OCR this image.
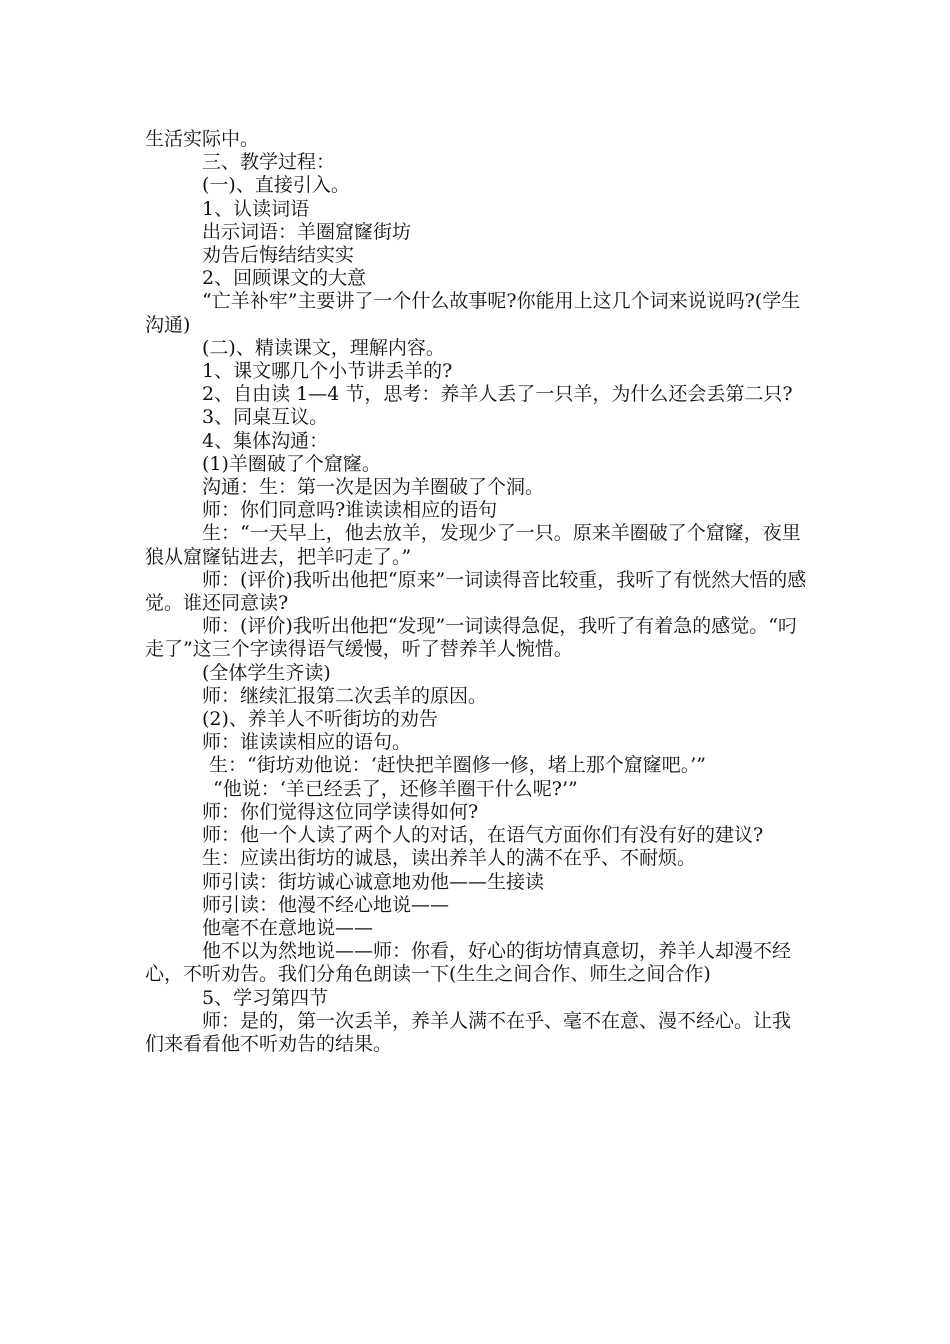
生活实际中。

三、教学过程：

(一)、直接引入。

1、认读词语

出示词语：羊圈窟窿街坊

劝告后悔结结实实

2、回顾课文的大意

“亡羊补牢”主要讲了一个什么故事呢?你能用上这几个词来说说吗?(学生沟通)

(二)、精读课文，理解内容。

1、课文哪几个小节讲丢羊的?

2、自由读 1—4 节，思考：养羊人丢了一只羊，为什么还会丢第二只?

3、同桌互议。

4、集体沟通：

(1)羊圈破了个窟窿。

沟通：生：第一次是因为羊圈破了个洞。

师：你们同意吗?谁读读相应的语句

生：“一天早上，他去放羊，发现少了一只。原来羊圈破了个窟窿，夜里狼从窟窿钻进去，把羊叼走了。”

师：(评价)我听出他把“原来”一词读得音比较重，我听了有恍然大悟的感觉。谁还同意读?

师：(评价)我听出他把“发现”一词读得急促，我听了有着急的感觉。“叼走了”这三个字读得语气缓慢，听了替养羊人惋惜。

(全体学生齐读)

师：继续汇报第二次丢羊的原因。

(2)、养羊人不听街坊的劝告

师：谁读读相应的语句。

生：“街坊劝他说：‘赶快把羊圈修一修，堵上那个窟窿吧。’”

“他说：‘羊已经丢了，还修羊圈干什么呢?’”

师：你们觉得这位同学读得如何?

师：他一个人读了两个人的对话，在语气方面你们有没有好的建议?

生：应读出街坊的诚恳，读出养羊人的满不在乎、不耐烦。

师引读：街坊诚心诚意地劝他——生接读

师引读：他漫不经心地说——

他毫不在意地说——

他不以为然地说——师：你看，好心的街坊情真意切，养羊人却漫不经心，不听劝告。我们分角色朗读一下(生生之间合作、师生之间合作)

5、学习第四节

师：是的，第一次丢羊，养羊人满不在乎、毫不在意、漫不经心。让我们来看看他不听劝告的结果。
